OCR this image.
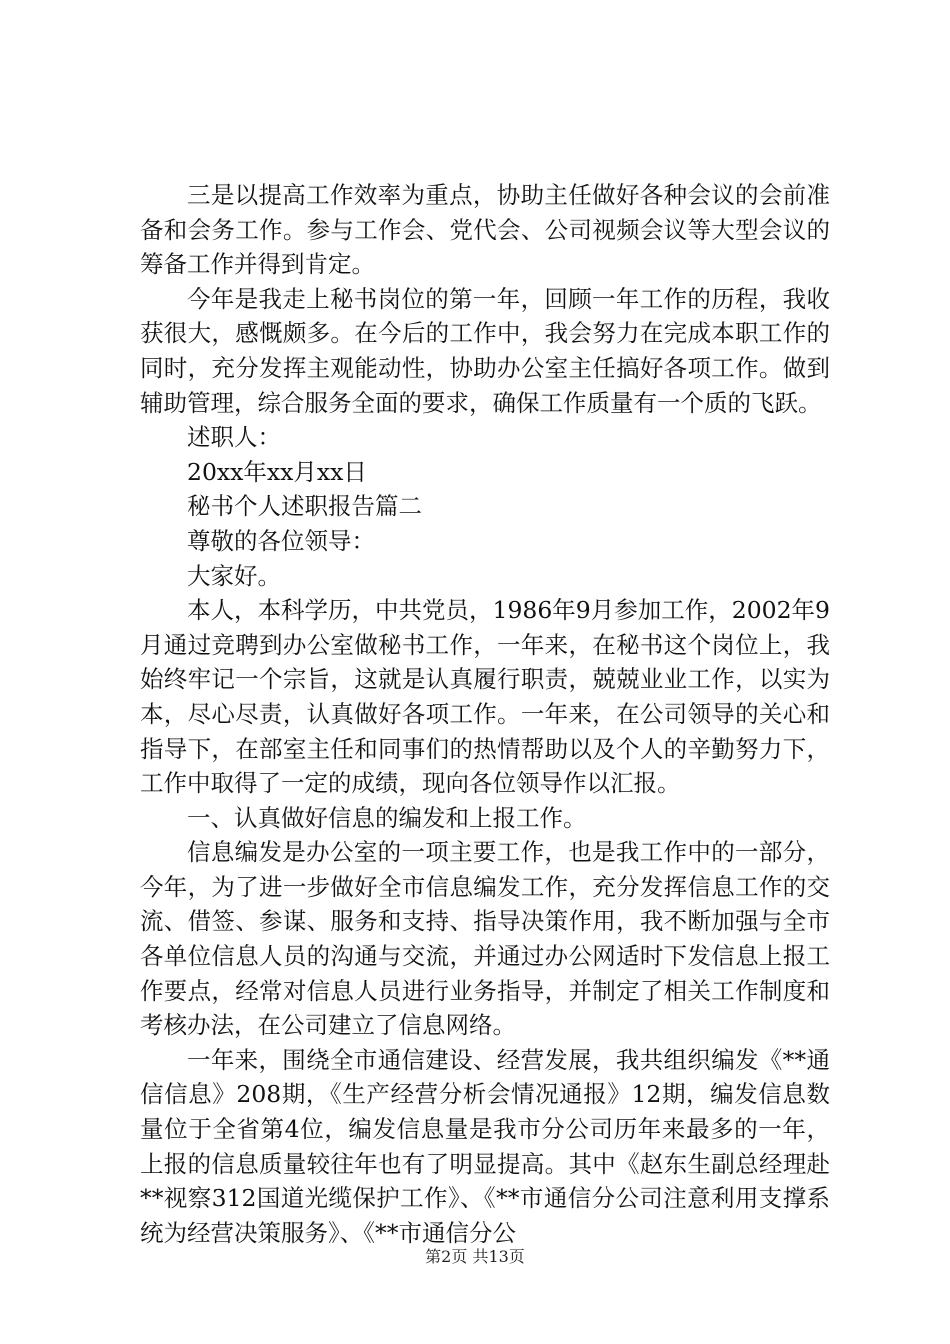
三是以提高工作效率为重点，协助主任做好各种会议的会前准备和会务工作。参与工作会、党代会、公司视频会议等大型会议的筹备工作并得到肯定。

今年是我走上秘书岗位的第一年，回顾一年工作的历程，我收获很大，感慨颇多。在今后的工作中，我会努力在完成本职工作的同时，充分发挥主观能动性，协助办公室主任搞好各项工作。做到辅助管理，综合服务全面的要求，确保工作质量有一个质的飞跃。

述职人：

20xx年xx月xx日

秘书个人述职报告篇二

尊敬的各位领导：

大家好。

本人，本科学历，中共党员，1986年9月参加工作，2002年9月通过竞聘到办公室做秘书工作，一年来，在秘书这个岗位上，我始终牢记一个宗旨，这就是认真履行职责，兢兢业业工作，以实为本，尽心尽责，认真做好各项工作。一年来，在公司领导的关心和指导下，在部室主任和同事们的热情帮助以及个人的辛勤努力下，工作中取得了一定的成绩，现向各位领导作以汇报。

一、认真做好信息的编发和上报工作。

信息编发是办公室的一项主要工作，也是我工作中的一部分，今年，为了进一步做好全市信息编发工作，充分发挥信息工作的交流、借签、参谋、服务和支持、指导决策作用，我不断加强与全市各单位信息人员的沟通与交流，并通过办公网适时下发信息上报工作要点，经常对信息人员进行业务指导，并制定了相关工作制度和考核办法，在公司建立了信息网络。

一年来，围绕全市通信建设、经营发展，我共组织编发《**通信信息》208期，《生产经营分析会情况通报》12期，编发信息数量位于全省第4位，编发信息量是我市分公司历年来最多的一年，上报的信息质量较往年也有了明显提高。其中《赵东生副总经理赴**视察312国道光缆保护工作》、《**市通信分公司注意利用支撑系统为经营决策服务》、《**市通信分公

第2页 共13页
